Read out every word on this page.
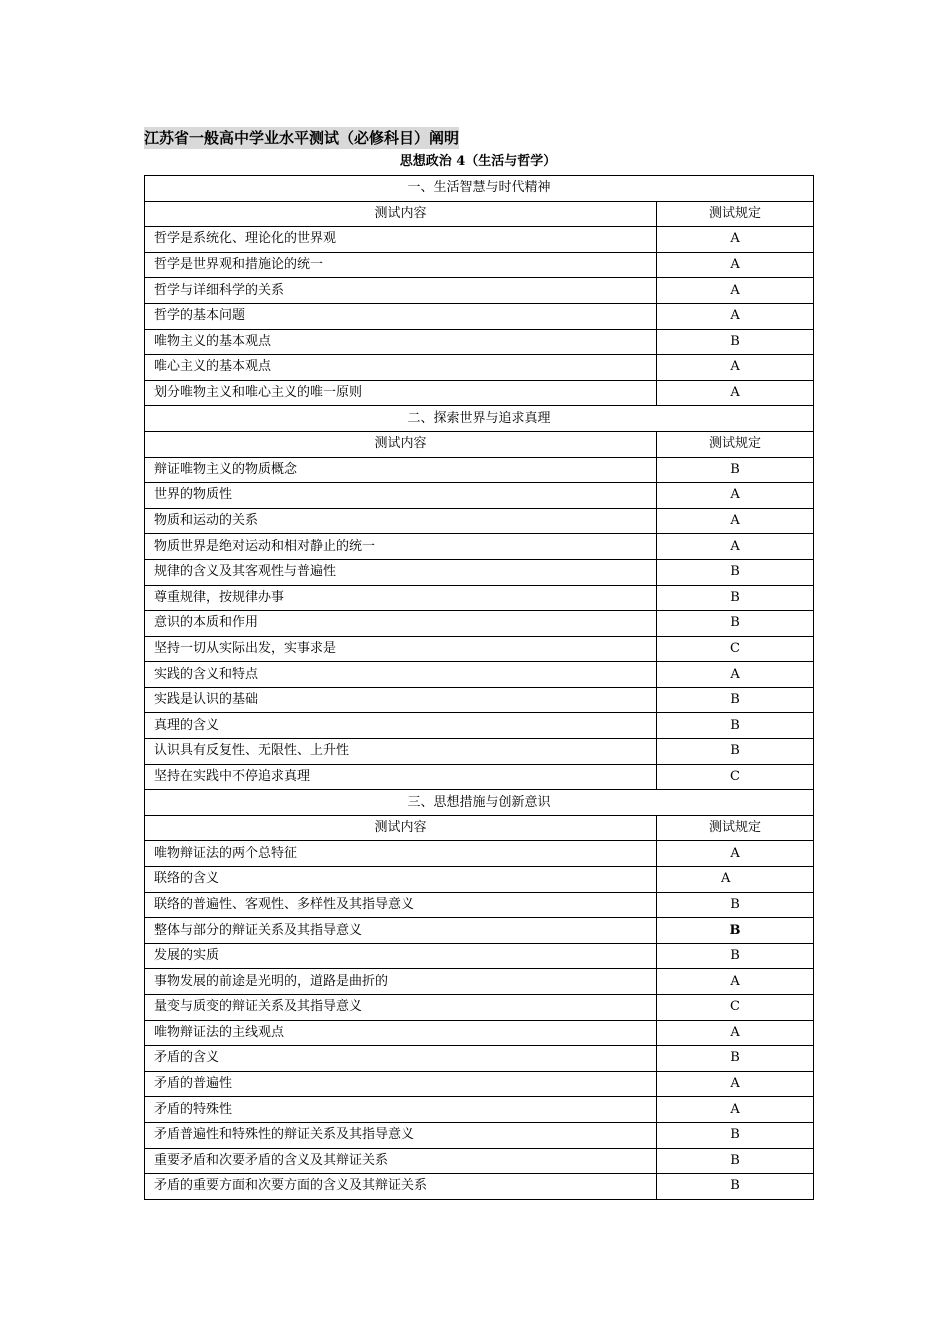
江苏省一般高中学业水平测试（必修科目）阐明
思想政治 4（生活与哲学）
一、生活智慧与时代精神	
测试内容	测试规定
哲学是系统化、理论化的世界观	A
哲学是世界观和措施论的统一	A
哲学与详细科学的关系	A
哲学的基本问题	A
唯物主义的基本观点	B
唯心主义的基本观点	A
划分唯物主义和唯心主义的唯一原则	A
二、探索世界与追求真理	
测试内容	测试规定
辩证唯物主义的物质概念	B
世界的物质性	A
物质和运动的关系	A
物质世界是绝对运动和相对静止的统一	A
规律的含义及其客观性与普遍性	B
尊重规律，按规律办事	B
意识的本质和作用	B
坚持一切从实际出发，实事求是	C
实践的含义和特点	A
实践是认识的基础	B
真理的含义	B
认识具有反复性、无限性、上升性	B
坚持在实践中不停追求真理	C
三、思想措施与创新意识	
测试内容	测试规定
唯物辩证法的两个总特征	A
联络的含义	A
联络的普遍性、客观性、多样性及其指导意义	B
整体与部分的辩证关系及其指导意义	B
发展的实质	B
事物发展的前途是光明的，道路是曲折的	A
量变与质变的辩证关系及其指导意义	C
唯物辩证法的主线观点	A
矛盾的含义	B
矛盾的普遍性	A
矛盾的特殊性	A
矛盾普遍性和特殊性的辩证关系及其指导意义	B
重要矛盾和次要矛盾的含义及其辩证关系	B
矛盾的重要方面和次要方面的含义及其辩证关系	B
